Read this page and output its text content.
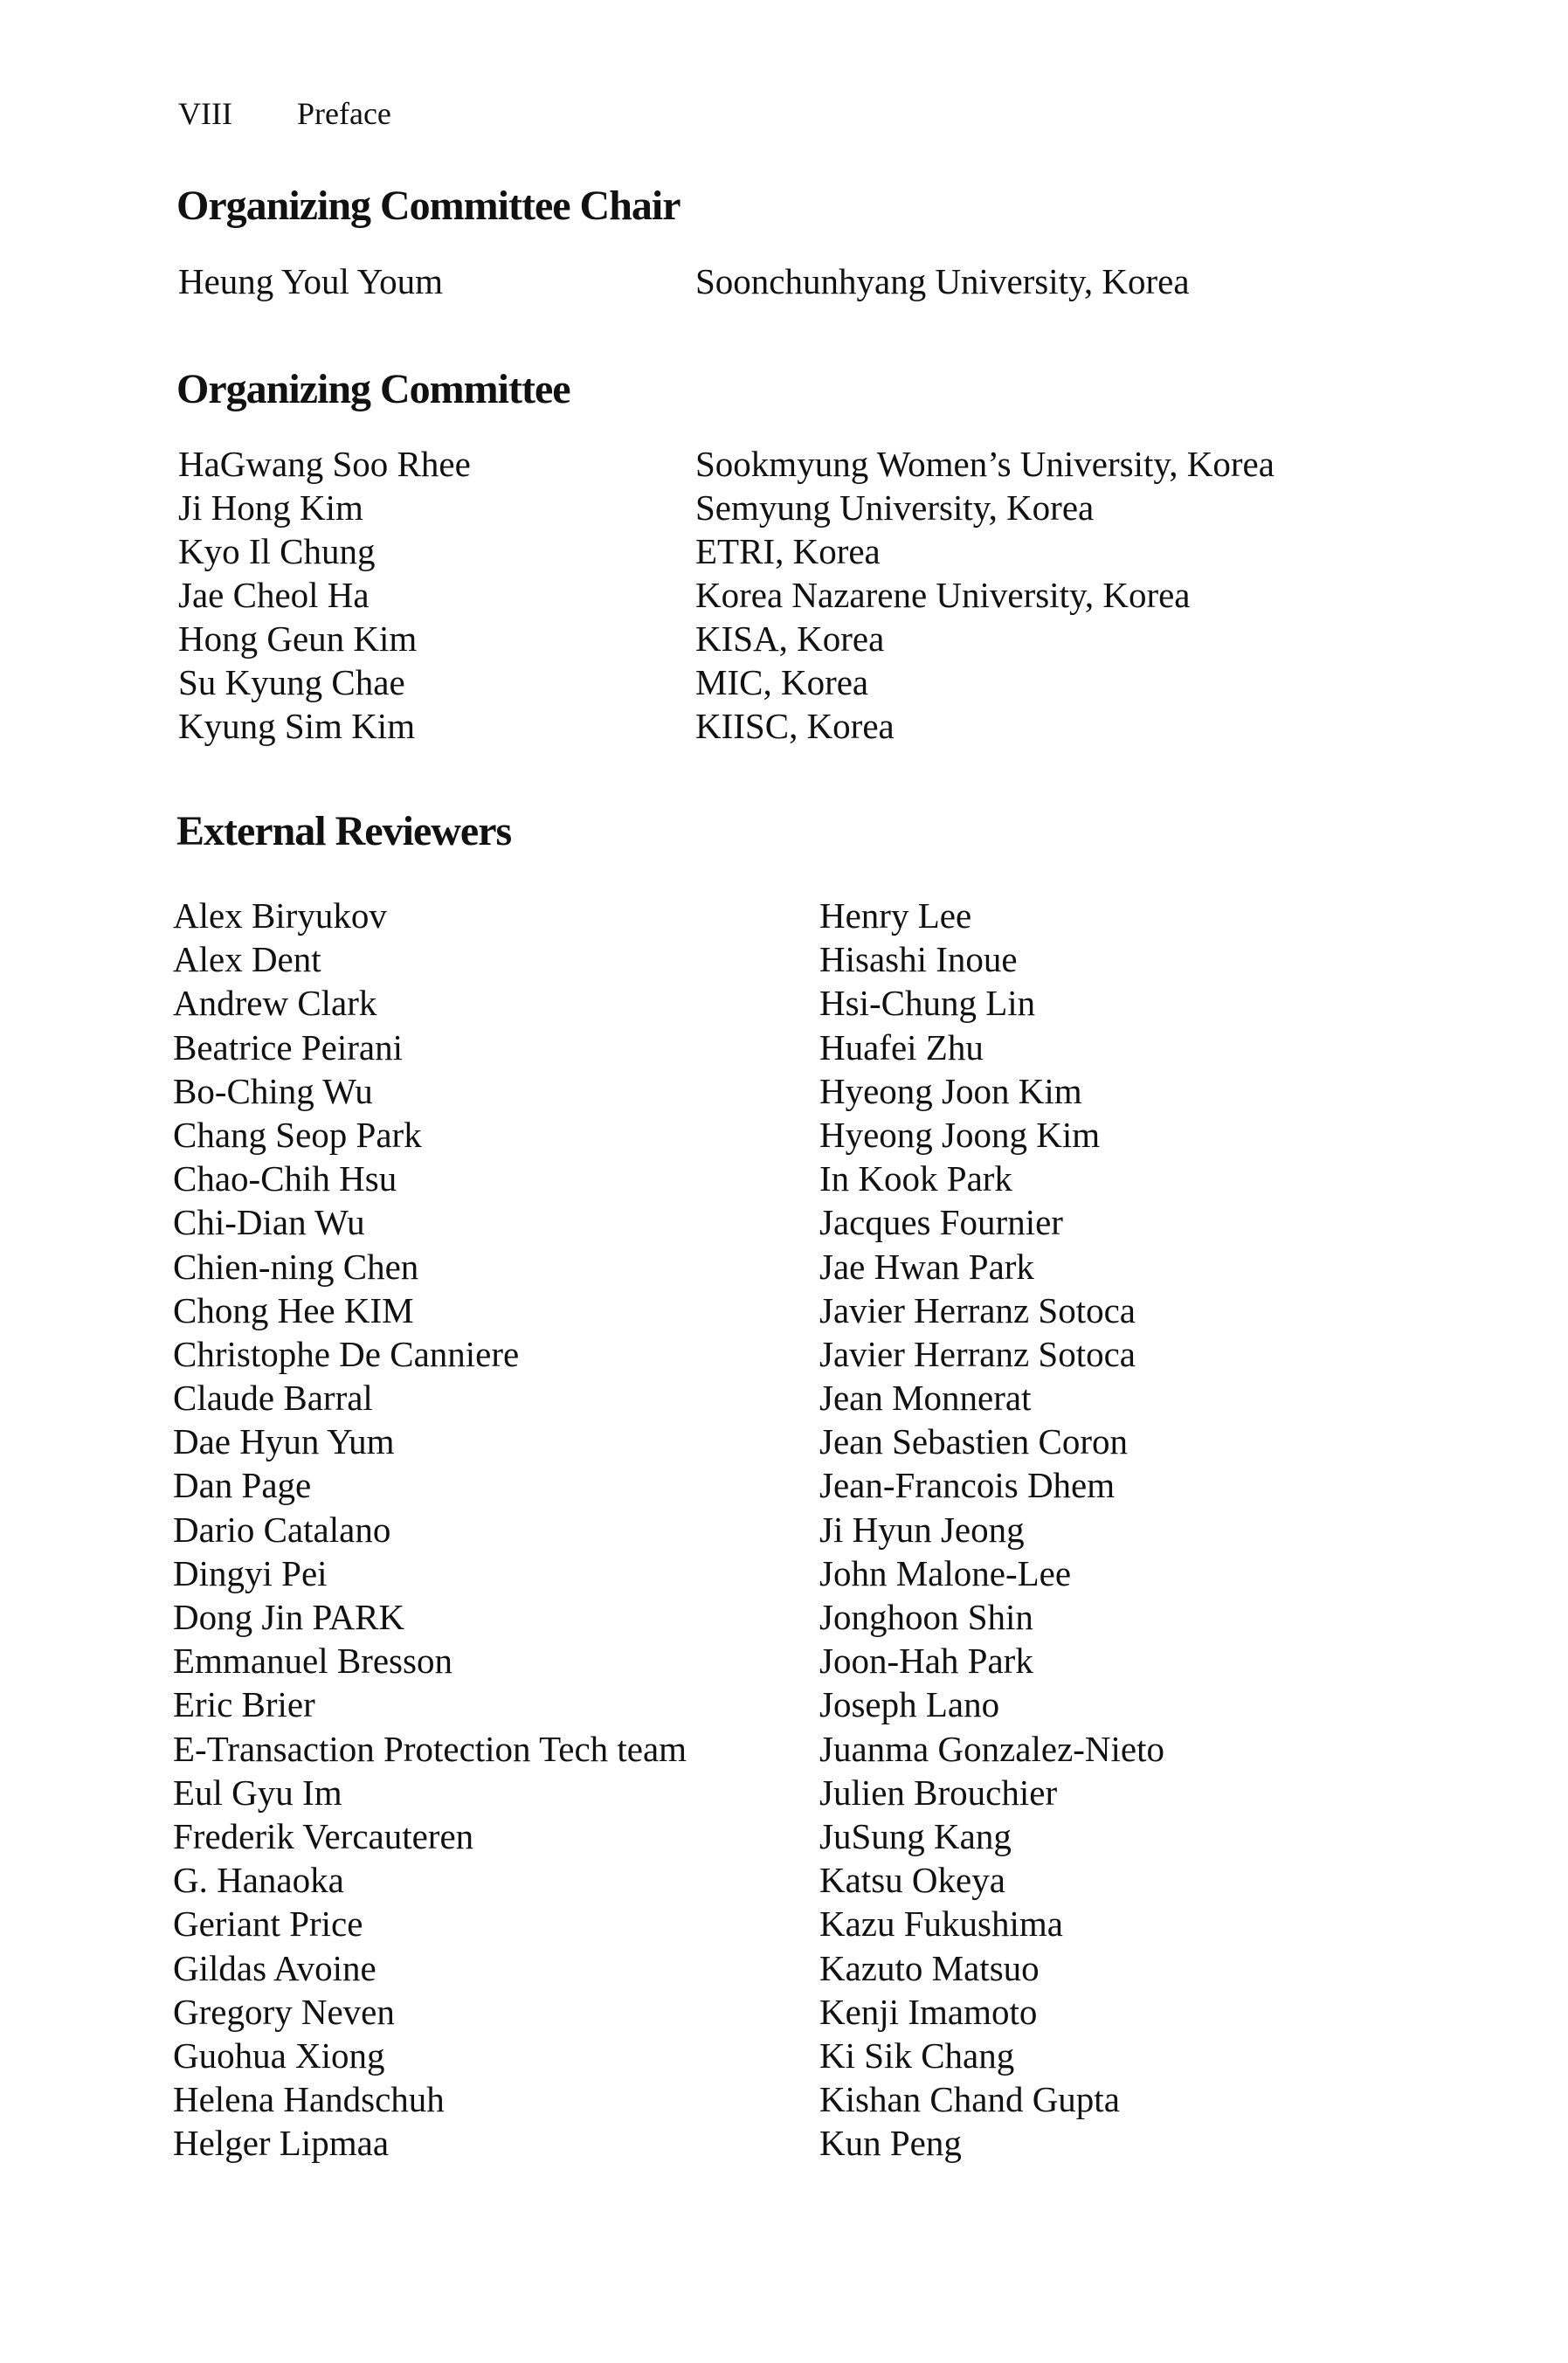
VIII Preface
Organizing Committee Chair
Heung Youl Youm	Soonchunhyang University, Korea
Organizing Committee
HaGwang Soo Rhee	Sookmyung Women’s University, Korea
Ji Hong Kim	Semyung University, Korea
Kyo Il Chung	ETRI, Korea
Jae Cheol Ha	Korea Nazarene University, Korea
Hong Geun Kim	KISA, Korea
Su Kyung Chae	MIC, Korea
Kyung Sim Kim	KIISC, Korea
External Reviewers
Alex Biryukov
Alex Dent
Andrew Clark
Beatrice Peirani
Bo-Ching Wu
Chang Seop Park
Chao-Chih Hsu
Chi-Dian Wu
Chien-ning Chen
Chong Hee KIM
Christophe De Canniere
Claude Barral
Dae Hyun Yum
Dan Page
Dario Catalano
Dingyi Pei
Dong Jin PARK
Emmanuel Bresson
Eric Brier
E-Transaction Protection Tech team
Eul Gyu Im
Frederik Vercauteren
G. Hanaoka
Geriant Price
Gildas Avoine
Gregory Neven
Guohua Xiong
Helena Handschuh
Helger Lipmaa
Henry Lee
Hisashi Inoue
Hsi-Chung Lin
Huafei Zhu
Hyeong Joon Kim
Hyeong Joong Kim
In Kook Park
Jacques Fournier
Jae Hwan Park
Javier Herranz Sotoca
Javier Herranz Sotoca
Jean Monnerat
Jean Sebastien Coron
Jean-Francois Dhem
Ji Hyun Jeong
John Malone-Lee
Jonghoon Shin
Joon-Hah Park
Joseph Lano
Juanma Gonzalez-Nieto
Julien Brouchier
JuSung Kang
Katsu Okeya
Kazu Fukushima
Kazuto Matsuo
Kenji Imamoto
Ki Sik Chang
Kishan Chand Gupta
Kun Peng
